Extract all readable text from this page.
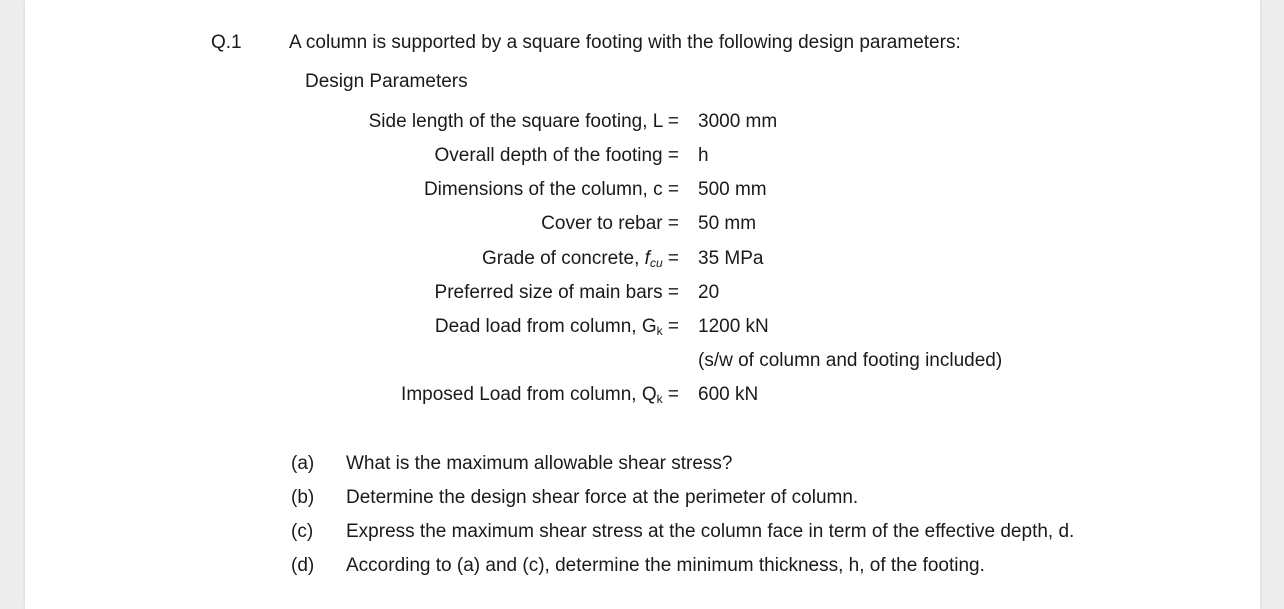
Q.1 A column is supported by a square footing with the following design parameters:
Design Parameters
Side length of the square footing, L = 3000 mm
Overall depth of the footing = h
Dimensions of the column, c = 500 mm
Cover to rebar = 50 mm
Grade of concrete, fcu = 35 MPa
Preferred size of main bars = 20
Dead load from column, Gk = 1200 kN
(s/w of column and footing included)
Imposed Load from column, Qk = 600 kN
(a) What is the maximum allowable shear stress?
(b) Determine the design shear force at the perimeter of column.
(c) Express the maximum shear stress at the column face in term of the effective depth, d.
(d) According to (a) and (c), determine the minimum thickness, h, of the footing.
